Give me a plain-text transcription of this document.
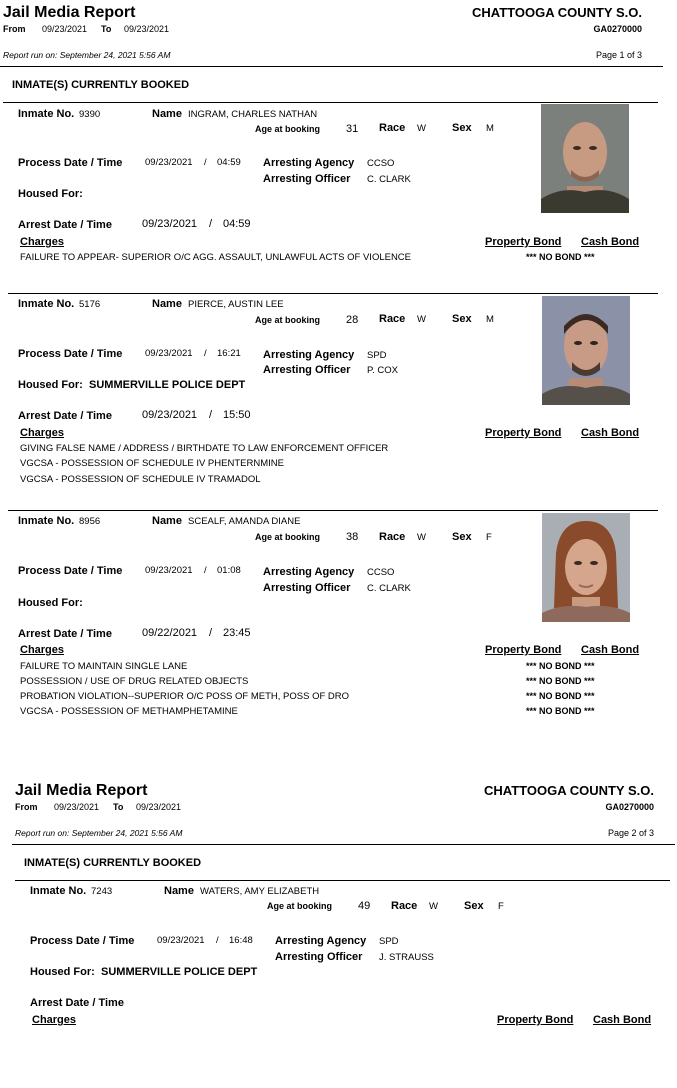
Jail Media Report	CHATTOOGA COUNTY S.O.
From 09/23/2021 To 09/23/2021	GA0270000
Report run on: September 24, 2021 5:56 AM	Page 1 of 3
INMATE(S) CURRENTLY BOOKED
Inmate No. 9390	Name INGRAM, CHARLES NATHAN
Age at booking 31 Race W Sex M
Process Date / Time 09/23/2021 / 04:59 Arresting Agency CCSO
Arresting Officer C. CLARK
Housed For:
Arrest Date / Time	09/23/2021 / 04:59
Charges	Property Bond Cash Bond
FAILURE TO APPEAR- SUPERIOR O/C AGG. ASSAULT, UNLAWFUL ACTS OF VIOLENCE	*** NO BOND ***
Inmate No. 5176	Name PIERCE, AUSTIN LEE
Age at booking 28 Race W Sex M
Process Date / Time 09/23/2021 / 16:21 Arresting Agency SPD
Arresting Officer P. COX
Housed For: SUMMERVILLE POLICE DEPT
Arrest Date / Time	09/23/2021 / 15:50
Charges	Property Bond Cash Bond
GIVING FALSE NAME / ADDRESS / BIRTHDATE TO LAW ENFORCEMENT OFFICER
VGCSA - POSSESSION OF SCHEDULE IV PHENTERNMINE
VGCSA - POSSESSION OF SCHEDULE IV TRAMADOL
Inmate No. 8956	Name SCEALF, AMANDA DIANE
Age at booking 38 Race W Sex F
Process Date / Time 09/23/2021 / 01:08 Arresting Agency CCSO
Arresting Officer C. CLARK
Housed For:
Arrest Date / Time	09/22/2021 / 23:45
Charges	Property Bond Cash Bond
FAILURE TO MAINTAIN SINGLE LANE	*** NO BOND ***
POSSESSION / USE OF DRUG RELATED OBJECTS	*** NO BOND ***
PROBATION VIOLATION--SUPERIOR O/C POSS OF METH, POSS OF DRO	*** NO BOND ***
VGCSA - POSSESSION OF METHAMPHETAMINE	*** NO BOND ***
Jail Media Report	CHATTOOGA COUNTY S.O.
From 09/23/2021 To 09/23/2021	GA0270000
Report run on: September 24, 2021 5:56 AM	Page 2 of 3
INMATE(S) CURRENTLY BOOKED
Inmate No. 7243	Name WATERS, AMY ELIZABETH
Age at booking 49 Race W Sex F
Process Date / Time 09/23/2021 / 16:48 Arresting Agency SPD
Arresting Officer J. STRAUSS
Housed For: SUMMERVILLE POLICE DEPT
Arrest Date / Time
Charges	Property Bond Cash Bond
